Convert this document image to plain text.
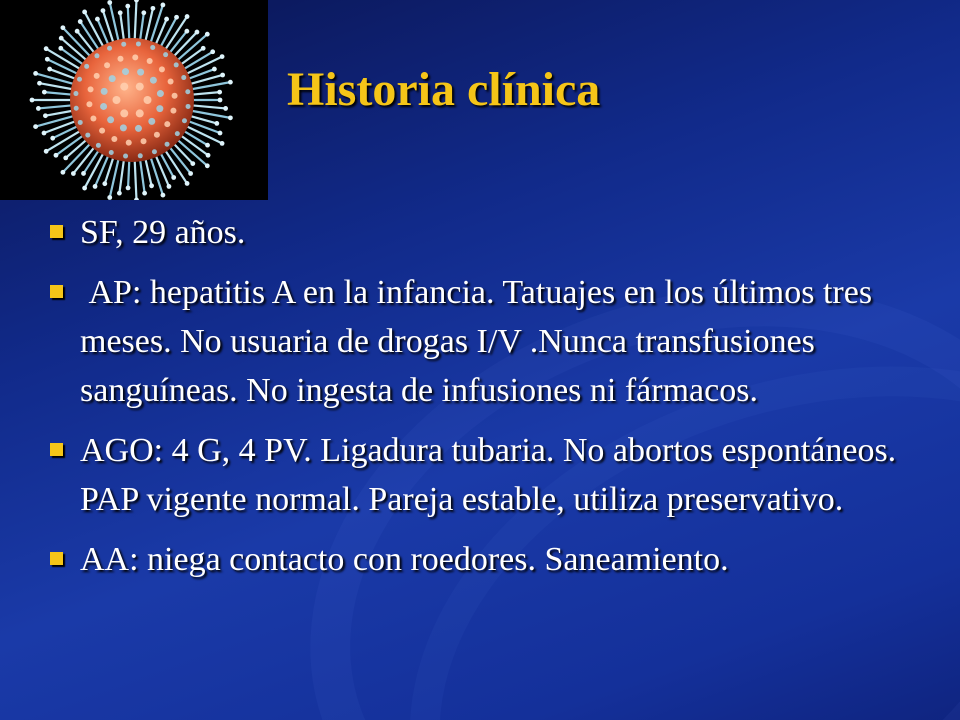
Historia clínica
SF, 29 años.
AP: hepatitis A en la infancia. Tatuajes en los últimos tres meses. No usuaria de drogas I/V .Nunca transfusiones sanguíneas. No ingesta de infusiones ni fármacos.
AGO: 4 G, 4 PV. Ligadura tubaria. No abortos espontáneos. PAP vigente normal. Pareja estable, utiliza preservativo.
AA: niega contacto con roedores. Saneamiento.
